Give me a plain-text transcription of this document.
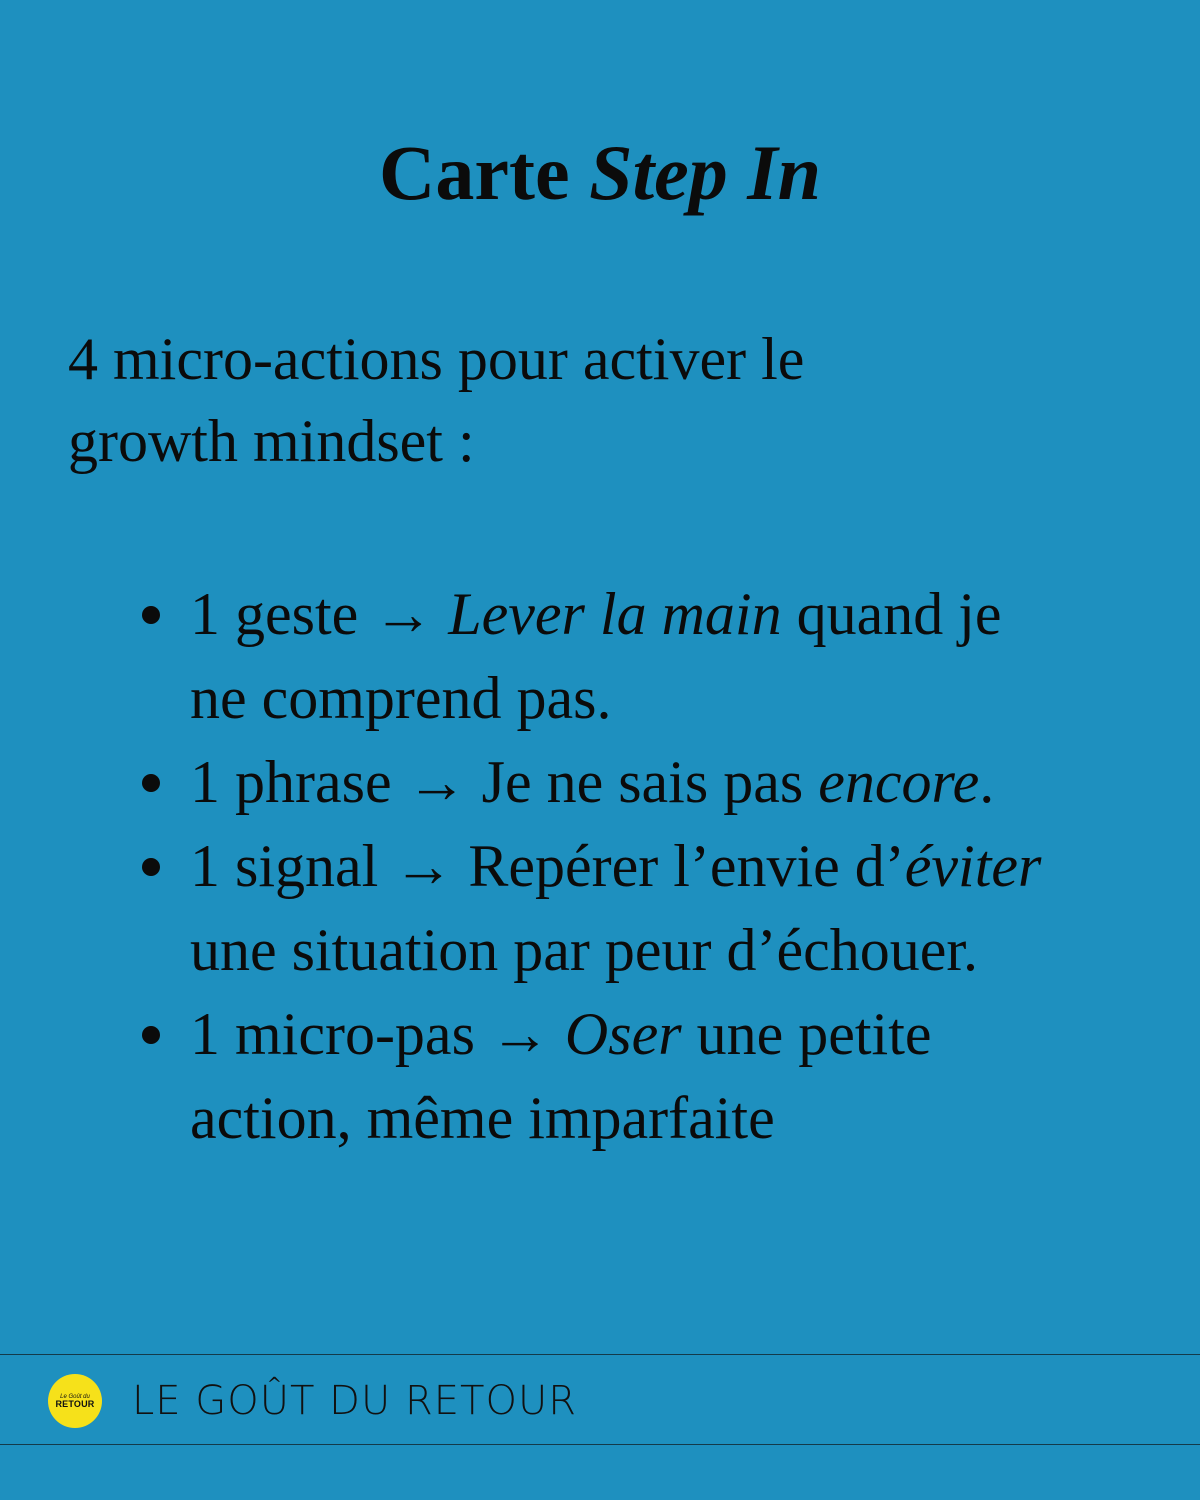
Carte Step In

4 micro-actions pour activer le
growth mindset :

1 geste → Lever la main quand je
ne comprend pas.
1 phrase → Je ne sais pas encore.
1 signal → Repérer l’envie d’éviter
une situation par peur d’échouer.
1 micro-pas → Oser une petite
action, même imparfaite
Le Goût du
RETOUR LE GOÛT DU RETOUR
